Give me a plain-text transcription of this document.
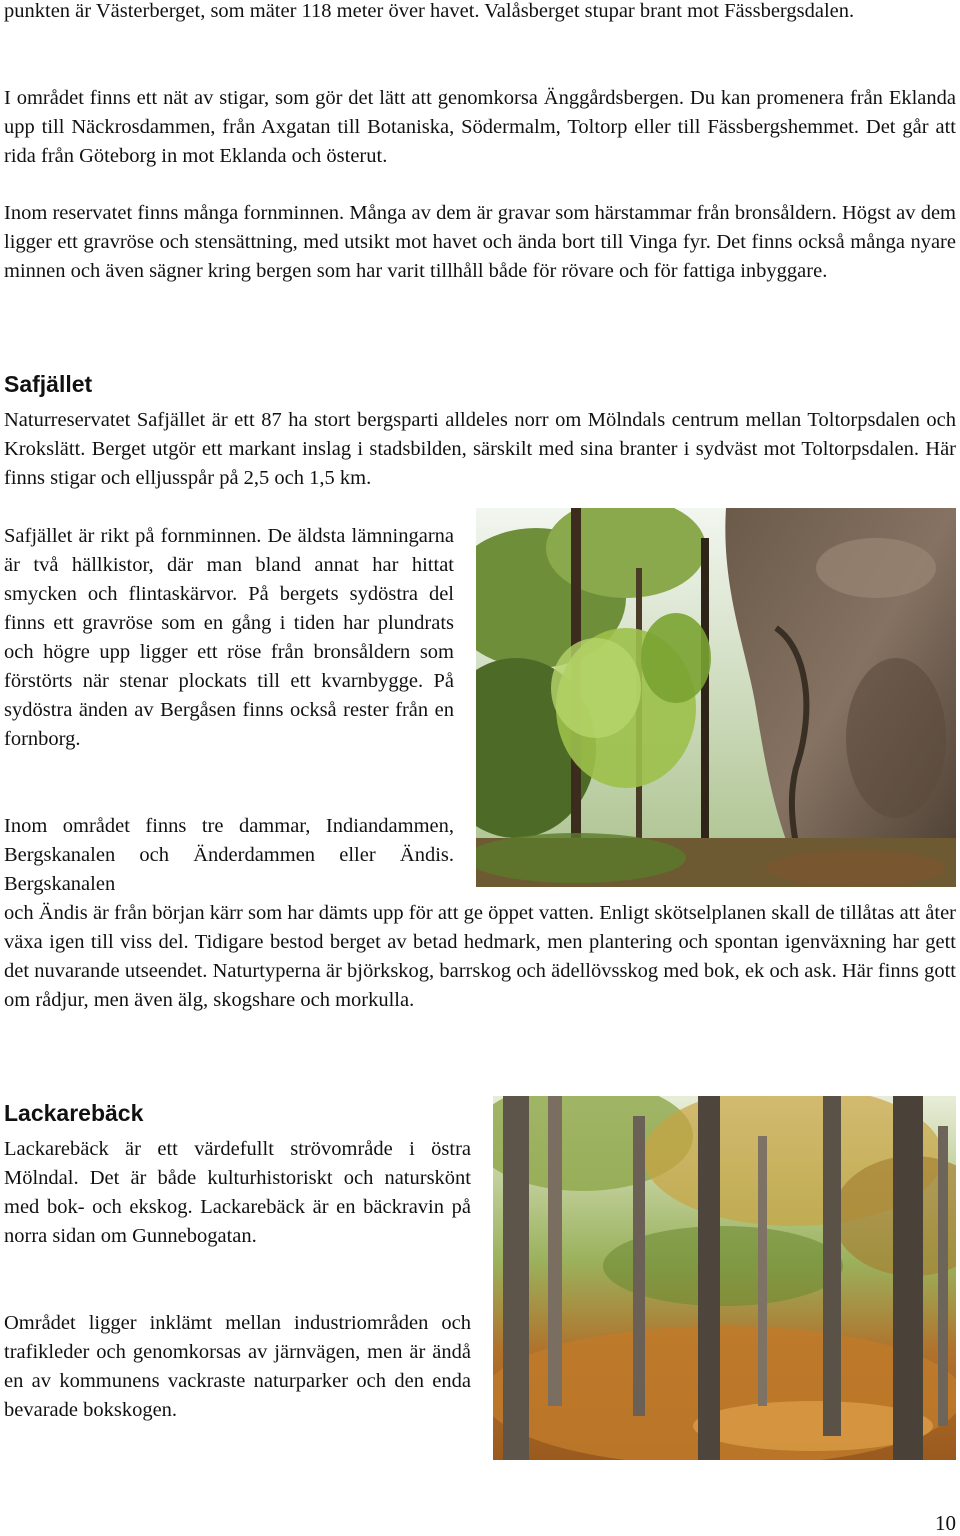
punkten är Västerberget, som mäter 118 meter över havet. Valåsberget stupar brant mot Fässbergsdalen.

I området finns ett nät av stigar, som gör det lätt att genomkorsa Änggårdsbergen. Du kan promenera från Eklanda upp till Näckrosdammen, från Axgatan till Botaniska, Södermalm, Toltorp eller till Fässbergshemmet. Det går att rida från Göteborg in mot Eklanda och österut.

Inom reservatet finns många fornminnen. Många av dem är gravar som härstammar från bronsåldern. Högst av dem ligger ett gravröse och stensättning, med utsikt mot havet och ända bort till Vinga fyr. Det finns också många nyare minnen och även sägner kring bergen som har varit tillhåll både för rövare och för fattiga inbyggare.

Safjället

Naturreservatet Safjället är ett 87 ha stort bergsparti alldeles norr om Mölndals centrum mellan Toltorpsdalen och Krokslätt. Berget utgör ett markant inslag i stadsbilden, särskilt med sina branter i sydväst mot Toltorpsdalen. Här finns stigar och elljusspår på 2,5 och 1,5 km.

Safjället är rikt på fornminnen. De äldsta lämningarna är två hällkistor, där man bland annat har hittat smycken och flintaskärvor. På bergets sydöstra del finns ett gravröse som en gång i tiden har plundrats och högre upp ligger ett röse från bronsåldern som förstörts när stenar plockats till ett kvarnbygge. På sydöstra änden av Bergåsen finns också rester från en fornborg.

Inom området finns tre dammar, Indiandammen, Bergskanalen och Änderdammen eller Ändis. Bergskanalen

och Ändis är från början kärr som har dämts upp för att ge öppet vatten. Enligt skötselplanen skall de tillåtas att åter växa igen till viss del. Tidigare bestod berget av betad hedmark, men plantering och spontan igenväxning har gett det nuvarande utseendet. Naturtyperna är björkskog, barrskog och ädellövsskog med bok, ek och ask. Här finns gott om rådjur, men även älg, skogshare och morkulla.

Lackarebäck

Lackarebäck är ett värdefullt strövområde i östra Mölndal. Det är både kulturhistoriskt och naturskönt med bok- och ekskog. Lackarebäck är en bäckravin på norra sidan om Gunnebogatan.

Området ligger inklämt mellan industriområden och trafikleder och genomkorsas av järnvägen, men är ändå en av kommunens vackraste naturparker och den enda bevarade bokskogen.

10
